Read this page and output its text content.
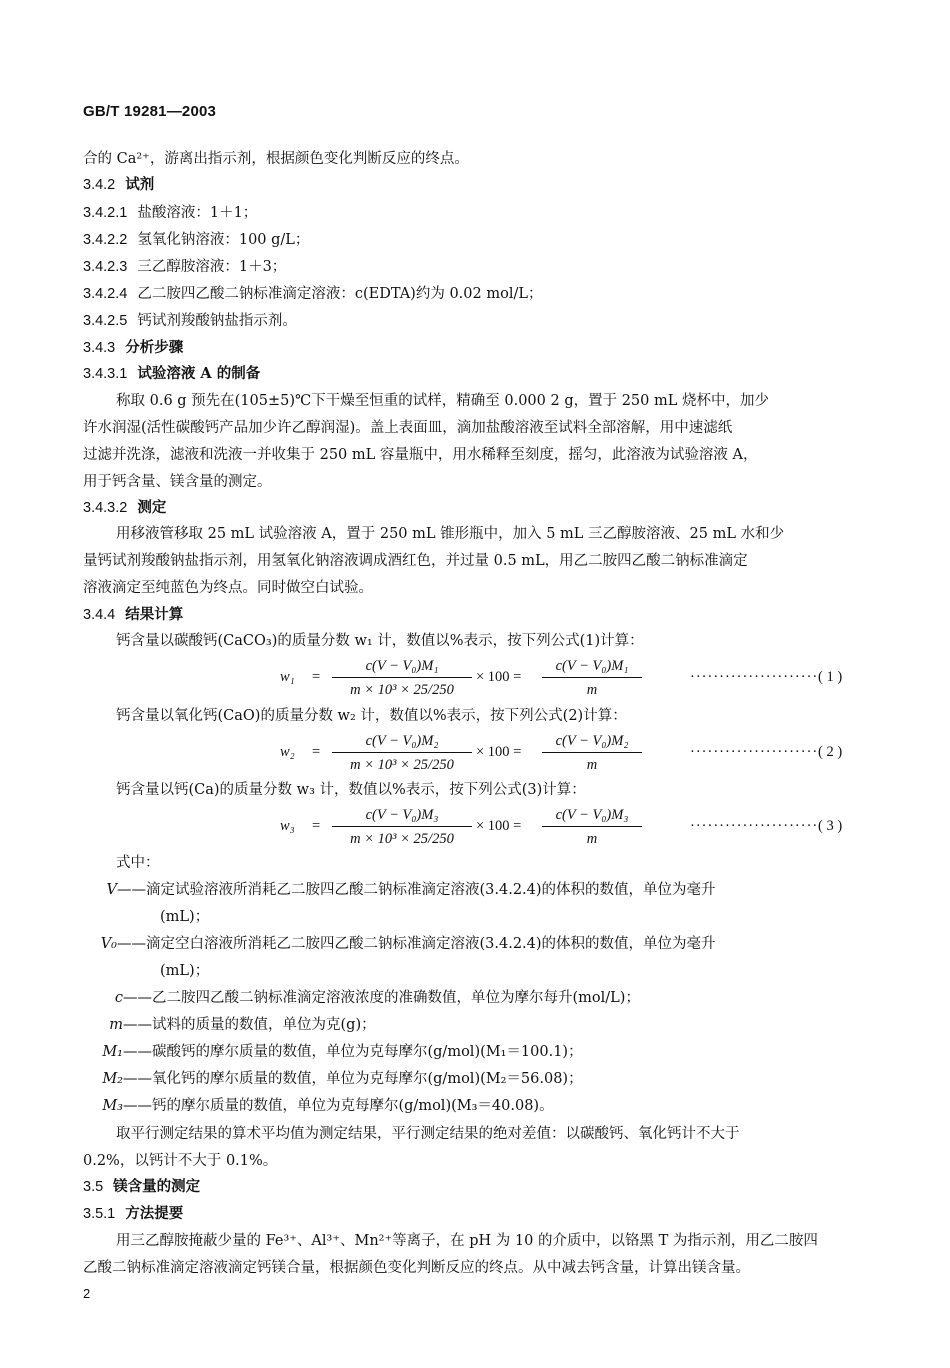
GB/T 19281—2003
合的 Ca²⁺，游离出指示剂，根据颜色变化判断反应的终点。
3.4.2 试剂
3.4.2.1 盐酸溶液：1＋1；
3.4.2.2 氢氧化钠溶液：100 g/L；
3.4.2.3 三乙醇胺溶液：1＋3；
3.4.2.4 乙二胺四乙酸二钠标准滴定溶液：c(EDTA)约为 0.02 mol/L；
3.4.2.5 钙试剂羧酸钠盐指示剂。
3.4.3 分析步骤
3.4.3.1 试验溶液 A 的制备
称取 0.6 g 预先在(105±5)℃下干燥至恒重的试样，精确至 0.000 2 g，置于 250 mL 烧杯中，加少
许水润湿(活性碳酸钙产品加少许乙醇润湿)。盖上表面皿，滴加盐酸溶液至试料全部溶解，用中速滤纸
过滤并洗涤，滤液和洗液一并收集于 250 mL 容量瓶中，用水稀释至刻度，摇匀，此溶液为试验溶液 A，
用于钙含量、镁含量的测定。
3.4.3.2 测定
用移液管移取 25 mL 试验溶液 A，置于 250 mL 锥形瓶中，加入 5 mL 三乙醇胺溶液、25 mL 水和少
量钙试剂羧酸钠盐指示剂，用氢氧化钠溶液调成酒红色，并过量 0.5 mL，用乙二胺四乙酸二钠标准滴定
溶液滴定至纯蓝色为终点。同时做空白试验。
3.4.4 结果计算
钙含量以碳酸钙(CaCO₃)的质量分数 w₁ 计，数值以%表示，按下列公式(1)计算：
$w_1 = \frac{\text{c(V − V₀)M₁}}{\text{m × 10³ × 25/250}} \times 100 = \frac{\text{c(V − V₀)M₁}}{m}$	······················ ( 1 )
钙含量以氧化钙(CaO)的质量分数 w₂ 计，数值以%表示，按下列公式(2)计算：
$w_2 = \frac{\text{c(V − V₀)M₂}}{\text{m × 10³ × 25/250}} \times 100 = \frac{\text{c(V − V₀)M₂}}{m}$	······················ ( 2 )
钙含量以钙(Ca)的质量分数 w₃ 计，数值以%表示，按下列公式(3)计算：
$w_3 = \frac{\text{c(V − V₀)M₃}}{\text{m × 10³ × 25/250}} \times 100 = \frac{\text{c(V − V₀)M₃}}{m}$	······················ ( 3 )
式中：
V——滴定试验溶液所消耗乙二胺四乙酸二钠标准滴定溶液(3.4.2.4)的体积的数值，单位为毫升
(mL)；
V₀——滴定空白溶液所消耗乙二胺四乙酸二钠标准滴定溶液(3.4.2.4)的体积的数值，单位为毫升
(mL)；
c——乙二胺四乙酸二钠标准滴定溶液浓度的准确数值，单位为摩尔每升(mol/L)；
m——试料的质量的数值，单位为克(g)；
M₁——碳酸钙的摩尔质量的数值，单位为克每摩尔(g/mol)(M₁＝100.1)；
M₂——氧化钙的摩尔质量的数值，单位为克每摩尔(g/mol)(M₂＝56.08)；
M₃——钙的摩尔质量的数值，单位为克每摩尔(g/mol)(M₃＝40.08)。
取平行测定结果的算术平均值为测定结果，平行测定结果的绝对差值：以碳酸钙、氧化钙计不大于
0.2%，以钙计不大于 0.1%。
3.5 镁含量的测定
3.5.1 方法提要
用三乙醇胺掩蔽少量的 Fe³⁺、Al³⁺、Mn²⁺等离子，在 pH 为 10 的介质中，以铬黑 T 为指示剂，用乙二胺四
乙酸二钠标准滴定溶液滴定钙镁合量，根据颜色变化判断反应的终点。从中减去钙含量，计算出镁含量。
2
